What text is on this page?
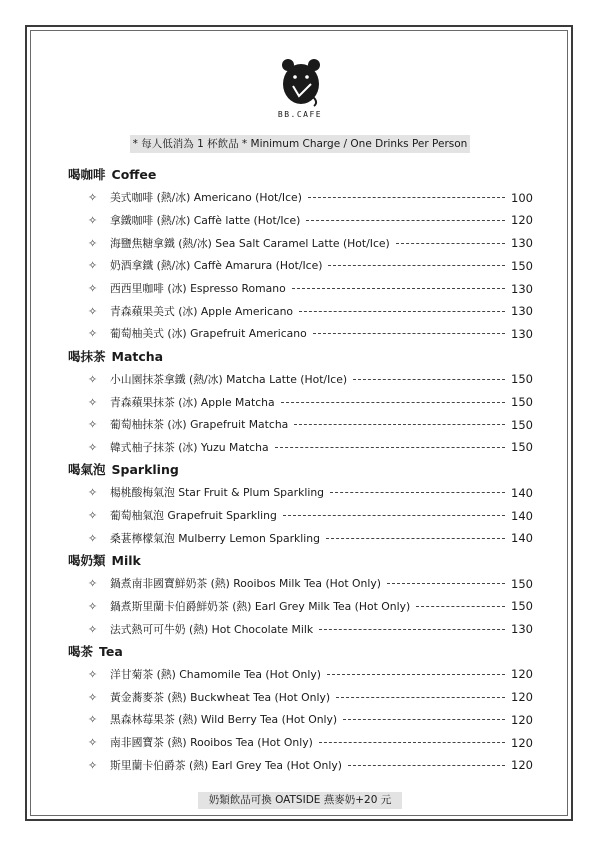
BB.CAFE
* 每人低消為 1 杯飲品 * Minimum Charge / One Drinks Per Person
喝咖啡 Coffee
✧	美式咖啡 (熱/冰) Americano (Hot/Ice)	100
✧	拿鐵咖啡 (熱/冰) Caffè latte (Hot/Ice)	120
✧	海鹽焦糖拿鐵 (熱/冰) Sea Salt Caramel Latte (Hot/Ice)	130
✧	奶酒拿鐵 (熱/冰) Caffè Amarura (Hot/Ice)	150
✧	西西里咖啡 (冰) Espresso Romano	130
✧	青森蘋果美式 (冰) Apple Americano	130
✧	葡萄柚美式 (冰) Grapefruit Americano	130
喝抹茶 Matcha
✧	小山園抹茶拿鐵 (熱/冰) Matcha Latte (Hot/Ice)	150
✧	青森蘋果抹茶 (冰) Apple Matcha	150
✧	葡萄柚抹茶 (冰) Grapefruit Matcha	150
✧	韓式柚子抹茶 (冰) Yuzu Matcha	150
喝氣泡 Sparkling
✧	楊桃酸梅氣泡 Star Fruit & Plum Sparkling	140
✧	葡萄柚氣泡 Grapefruit Sparkling	140
✧	桑葚檸檬氣泡 Mulberry Lemon Sparkling	140
喝奶類 Milk
✧	鍋煮南非國寶鮮奶茶 (熱) Rooibos Milk Tea (Hot Only)	150
✧	鍋煮斯里蘭卡伯爵鮮奶茶 (熱) Earl Grey Milk Tea (Hot Only)	150
✧	法式熱可可牛奶 (熱) Hot Chocolate Milk	130
喝茶 Tea
✧	洋甘菊茶 (熱) Chamomile Tea (Hot Only)	120
✧	黃金蕎麥茶 (熱) Buckwheat Tea (Hot Only)	120
✧	黑森林莓果茶 (熱) Wild Berry Tea (Hot Only)	120
✧	南非國寶茶 (熱) Rooibos Tea (Hot Only)	120
✧	斯里蘭卡伯爵茶 (熱) Earl Grey Tea (Hot Only)	120
奶類飲品可換 OATSIDE 燕麥奶+20 元
